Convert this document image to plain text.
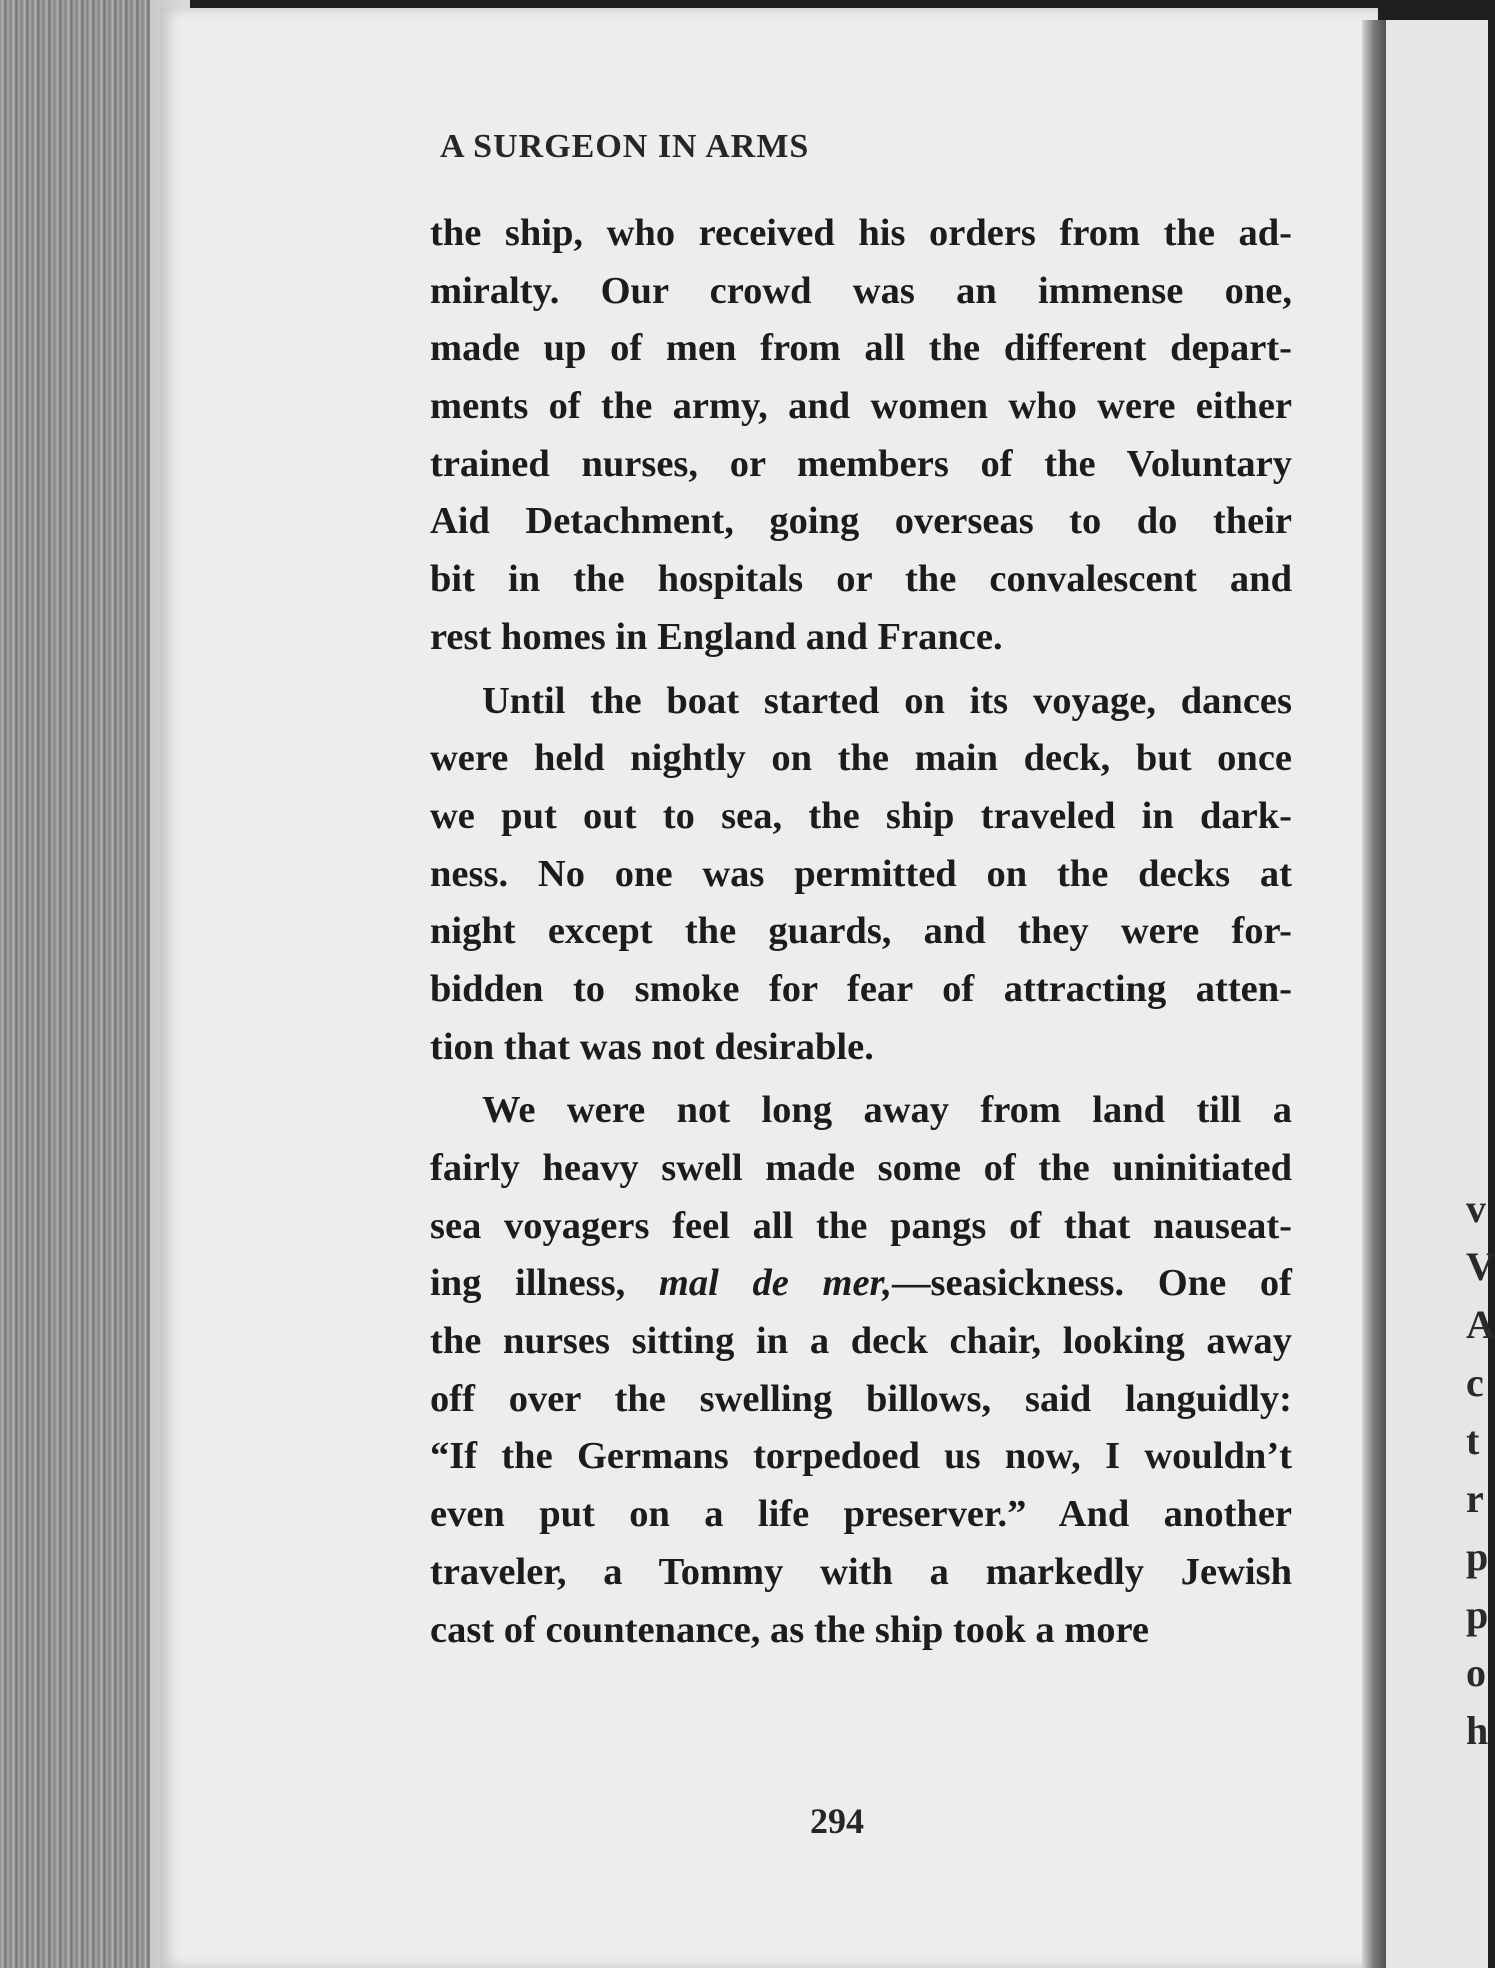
v
V
A
c
t
r
p
p
o
h
A SURGEON IN ARMS
the ship, who received his orders from the ad-
miralty. Our crowd was an immense one,
made up of men from all the different depart-
ments of the army, and women who were either
trained nurses, or members of the Voluntary
Aid Detachment, going overseas to do their
bit in the hospitals or the convalescent and
rest homes in England and France.
Until the boat started on its voyage, dances
were held nightly on the main deck, but once
we put out to sea, the ship traveled in dark-
ness. No one was permitted on the decks at
night except the guards, and they were for-
bidden to smoke for fear of attracting atten-
tion that was not desirable.
We were not long away from land till a
fairly heavy swell made some of the uninitiated
sea voyagers feel all the pangs of that nauseat-
ing illness, mal de mer,—seasickness. One of
the nurses sitting in a deck chair, looking away
off over the swelling billows, said languidly:
“If the Germans torpedoed us now, I wouldn’t
even put on a life preserver.” And another
traveler, a Tommy with a markedly Jewish
cast of countenance, as the ship took a more
294
